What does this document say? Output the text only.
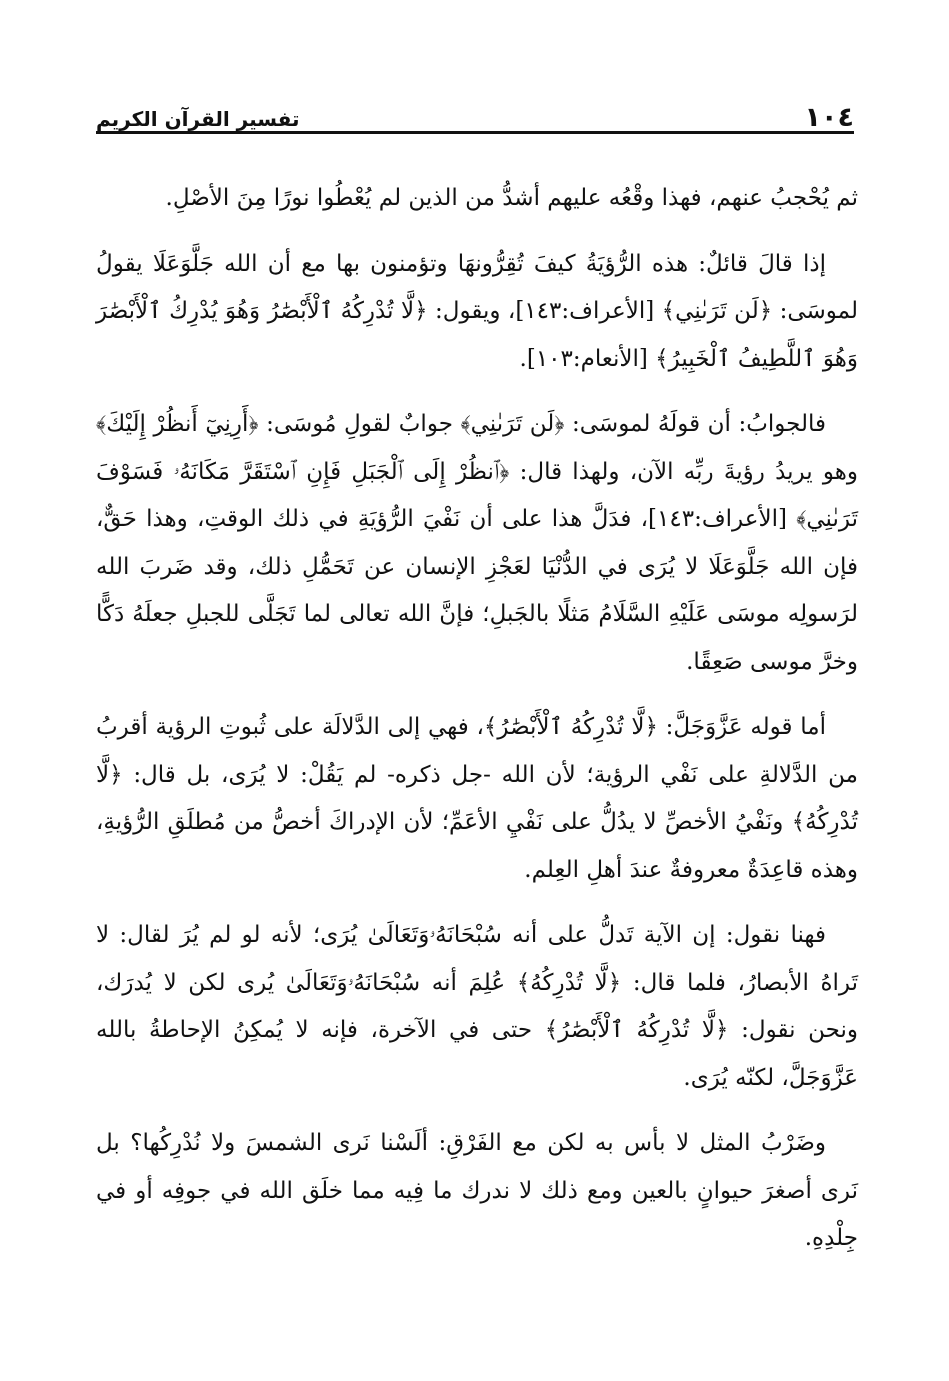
١٠٤
تفسير القرآن الكريم

ثم يُحْجبُ عنهم، فهذا وقْعُه عليهم أشدُّ من الذين لم يُعْطُوا نورًا مِنَ الأصْلِ.

إذا قالَ قائلٌ: هذه الرُّؤيَةُ كيفَ تُقِرُّونهَا وتؤمنون بها مع أن الله جَلَّوَعَلَا يقولُ لموسَى: ﴿لَن تَرَىٰنِي﴾ [الأعراف:١٤٣]، ويقول: ﴿لَّا تُدْرِكُهُ ٱلْأَبْصَٰرُ وَهُوَ يُدْرِكُ ٱلْأَبْصَٰرَ وَهُوَ ٱللَّطِيفُ ٱلْخَبِيرُ﴾ [الأنعام:١٠٣].

فالجوابُ: أن قولَهُ لموسَى: ﴿لَن تَرَىٰنِي﴾ جوابٌ لقولِ مُوسَى: ﴿أَرِنِيٓ أَنظُرْ إِلَيْكَ﴾ وهو يريدُ رؤيةَ ربِّه الآن، ولهذا قال: ﴿ٱنظُرْ إِلَى ٱلْجَبَلِ فَإِنِ ٱسْتَقَرَّ مَكَانَهُۥ فَسَوْفَ تَرَىٰنِي﴾ [الأعراف:١٤٣]، فدَلَّ هذا على أن نَفْيَ الرُّؤيَةِ في ذلك الوقتِ، وهذا حَقٌّ، فإن الله جَلَّوَعَلَا لا يُرَى في الدُّنْيَا لعَجْزِ الإنسان عن تَحَمُّلِ ذلك، وقد ضَربَ الله لرَسولِه موسَى عَلَيْهِ السَّلَامُ مَثلًا بالجَبلِ؛ فإنَّ الله تعالى لما تَجَلَّى للجبلِ جعلَهُ دَكًّا وخرَّ موسى صَعِقًا.

أما قوله عَزَّوَجَلَّ: ﴿لَّا تُدْرِكُهُ ٱلْأَبْصَٰرُ﴾، فهي إلى الدَّلالَة على ثُبوتِ الرؤية أقربُ من الدَّلالةِ على نَفْي الرؤية؛ لأن الله -جل ذكره- لم يَقُلْ: لا يُرَى، بل قال: ﴿لَّا تُدْرِكُهُ﴾ ونَفْيُ الأخصِّ لا يدُلُّ على نَفْيِ الأعَمِّ؛ لأن الإدراكَ أخصُّ من مُطلَقِ الرُّؤيةِ، وهذه قاعِدَةٌ معروفةٌ عندَ أهلِ العِلم.

فهنا نقول: إن الآية تَدلُّ على أنه سُبْحَانَهُۥوَتَعَالَىٰ يُرَى؛ لأنه لو لم يُرَ لقال: لا تَراهُ الأبصارُ، فلما قال: ﴿لَّا تُدْرِكُهُ﴾ عُلِمَ أنه سُبْحَانَهُۥوَتَعَالَىٰ يُرى لكن لا يُدرَك، ونحن نقول: ﴿لَّا تُدْرِكُهُ ٱلْأَبْصَٰرُ﴾ حتى في الآخرة، فإنه لا يُمكِنُ الإحاطةُ بالله عَزَّوَجَلَّ، لكنّه يُرَى.

وضَرْبُ المثل لا بأس به لكن مع الفَرْقِ: ألَسْنا نَرى الشمسَ ولا نُدْرِكُها؟ بل نَرى أصغرَ حيوانٍ بالعين ومع ذلك لا ندرك ما فِيه مما خلَق الله في جوفِه أو في جِلْدِهِ.
